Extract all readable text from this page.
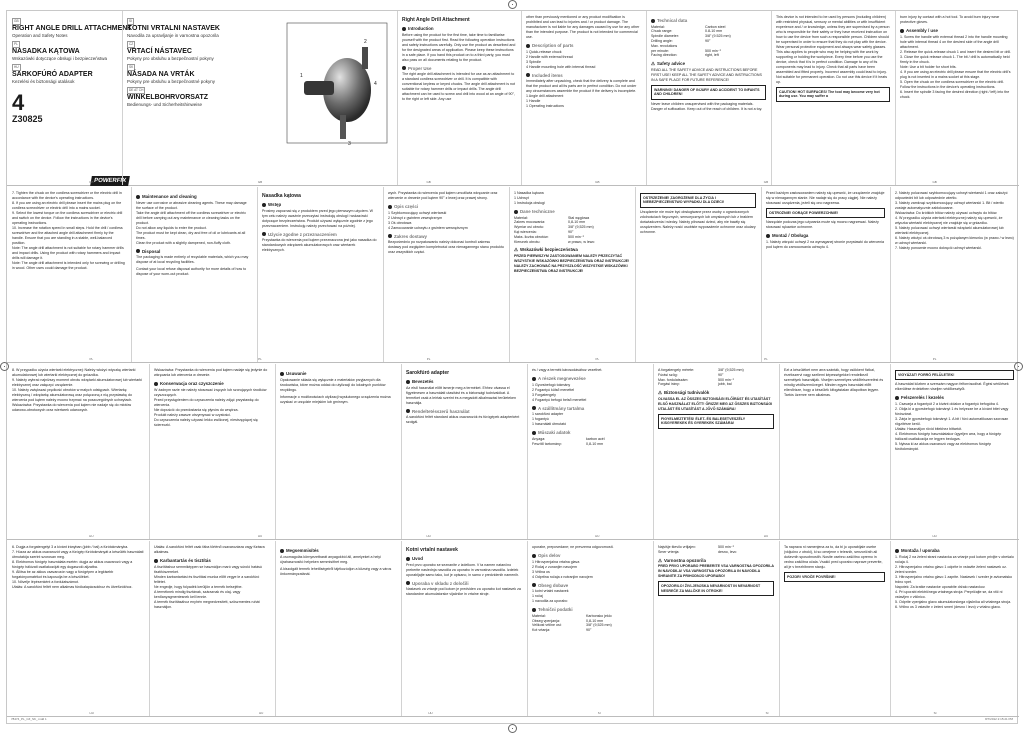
GB
RIGHT ANGLE DRILL ATTACHMENT
Operation and Safety Notes
PL
NASADKA KĄTOWA
Wskazówki dotyczące obsługi i bezpieczeństwa
HU
SARKOFÚRÓ ADAPTER
Kezelési és biztonsági utalások
4
Z30825
POWERFIX
SI
KOTNI VRTALNI NASTAVEK
Navodila za upravljanje in varnostna opozorila
CZ
VRTACÍ NÁSTAVEC
Pokyny pro obsluhu a bezpečnostní pokyny
SK
NÁSADA NA VRTÁK
Pokyny pre obsluhu a bezpečnostné pokyny
DE AT CH
WINKELBOHRVORSATZ
Bedienungs- und Sicherheitshinweise
1
2
3
4
Right Angle Drill Attachment
Introduction
Before using the product for the first time, take time to familiarise yourself with the product first. Read the following operation instructions and safety instructions carefully. Only use the product as described and for the designated areas of application. Please keep these instructions in a safe place. If you hand this product on to a third party, you must also pass on all documents relating to the product.
Proper Use
The right angle drill attachment is intended for use as an attachment to a standard cordless screwdriver or drill. It is compatible with conventional keyless or keyed chucks. The angle drill attachment is not suitable for rotary hammer drills or impact drills. The angle drill attachment can be used to screw and drill into wood at an angle of 90°, to the right or left side. Any use
other than previously mentioned or any product modification is prohibited and can lead to injuries and / or product damage. The manufacturer is not liable for any damages caused by use for any other than the intended purpose. The product is not intended for commercial use.
Description of parts
1 Quick-release chuck
2 Handle with external thread
3 Spindle
4 Handle mounting hole with internal thread
Included items
Immediately after unpacking, check that the delivery is complete and that the product and all its parts are in perfect condition. Do not under any circumstances assemble the product if the delivery is incomplete.
1 Angle drill attachment
1 Handle
1 Operating instructions
Technical data
Material:	Carbon steel
Chuck range:	0.8-10 mm
Spindle diameter:	3/8" (9.525 mm)
Drilling angle:	90°
Max. revolutions	
per minute:	500 min⁻¹
Facing direction:	right, left
⚠ Safety advice
READ ALL THE SAFETY ADVICE AND INSTRUCTIONS BEFORE FIRST USE! KEEP ALL THE SAFETY ADVICE AND INSTRUCTIONS IN A SAFE PLACE FOR FUTURE REFERENCE!
WARNING! DANGER OF INJURY AND ACCIDENT TO INFANTS AND CHILDREN!
Never leave children unsupervised with the packaging materials. Danger of suffocation. Keep out of the reach of children. It is not a toy.
This device is not intended to be used by persons (including children) with restricted physical, sensory or mental abilities or with insufficient experience and / or knowledge, unless they are supervised by a person who is responsible for their safety or they have received instruction on how to use the device from such a responsible person. Children should be supervised in order to ensure that they do not play with the device. Wear personal protective equipment and always wear safety glasses. This also applies to people who may be helping with the work by supporting or holding the workpiece. Every time before you use the device, check that it is in perfect condition. Damage to any of its components may lead to injury. Check that all parts have been assembled and fitted properly. Incorrect assembly could lead to injury. Not suitable for permanent operation. Do not use this device if it heats up.
CAUTION! HOT SURFACES! The tool may become very hot during use. You may suffer a
burn injury by contact with a hot tool. To avoid burn injury wear protective gloves.
Assembly / use
1. Screw the handle with external thread 2 into the handle mounting hole with internal thread 4 on the desired side of the angle drill attachment.
2. Release the quick-release chuck 1 and insert the desired bit or drill.
3. Close the quick release chuck 1. The bit / drill is automatically held firmly in the chuck.
Note: Use a bit holder for short bits.
4. If you are using an electric drill please ensure that the electric drill's plug is not inserted in a mains socket at this stage.
5. Open the chuck on the cordless screwdriver or the electric drill. Follow the instructions in the device's operating instructions.
6. Insert the spindle 3 facing the desired direction (right / left) into the chuck.
GB	GB	GB	GB	GB	GB
7. Tighten the chuck on the cordless screwdriver or the electric drill in accordance with the device's operating instructions.
8. If you are using an electric drill please insert the mains plug on the cordless screwdriver or electric drill into a mains socket.
9. Select the lowest torque on the cordless screwdriver or electric drill and switch on the device. Follow the instructions in the device's operating instructions.
10. Increase the rotation speed in small steps. Hold the drill / cordless screwdriver and the attached angle drill attachment firmly by the handle. Ensure that you are standing in a stable, well-balanced position.
Note: The angle drill attachment is not suitable for rotary hammer drills and impact drills. Using the product with rotary hammers and impact drills will damage it.
Note: The angle drill attachment is intended only for screwing or drilling in wood. Other uses could damage the product.
Maintenance and cleaning
Never use corrosive or abrasive cleaning agents. These may damage the surface of the product.
Take the angle drill attachment off the cordless screwdriver or electric drill before carrying out any maintenance or cleaning tasks on the product.
Do not allow any liquids to enter the product.
The product must be kept clean, dry and free of oil or lubricants at all times.
Clean the product with a slightly dampened, non-fluffy cloth.
Disposal
The packaging is made entirely of recyclable materials, which you may dispose of at local recycling facilities.
Contact your local refuse disposal authority for more details of how to dispose of your worn-out product.
Nasadka kątowa
Wstęp
Prosimy zapoznać się z produktem przed jego pierwszym użyciem. W tym celu należy uważnie przeczytać instrukcję obsługi i wskazówki dotyczące bezpieczeństwa. Produkt używać wyłącznie zgodnie z jego przeznaczeniem. Instrukcję należy przechować na później.
Użycie zgodne z przeznaczeniem
Przystawka do wiercenia pod kątem przeznaczona jest jako nasadka do standardowych wkrętarek akumulatorowych oraz wiertarek elektrycznych.
wych. Przystawka do wiercenia pod kątem umożliwia wkręcanie oraz wiercenie w drewnie pod kątem 90° z lewej oraz prawej strony.
Opis części
1 Szybkomocujący uchwyt wiertarski
2 Uchwyt z gwintem zewnętrznym
3 Oś obrotowa
4 Zamocowanie uchwytu z gwintem wewnętrznym
Zakres dostawy
Bezpośrednio po rozpakowaniu należy dokonać kontroli zakresu dostawy pod względem kompletności oraz nienagannego stanu produktu oraz wszystkich części.
1 Nasadka kątowa
1 Uchwyt
1 Instrukcja obsługi
Dane techniczne
Materiał:	Stal węglowa
Zakres mocowania:	0,8-10 mm
Wymiar osi obrotu:	3/8" (9,525 mm)
Kąt wiercenia:	90°
Maks. liczba obrotów:	500 min⁻¹
Kierunek obrotu:	w prawo, w lewo
⚠ Wskazówki bezpieczeństwa
PRZED PIERWSZYM ZASTOSOWANIEM NALEŻY PRZECZYTAĆ WSZYSTKIE WSKAZÓWKI BEZPIECZEŃSTWA ORAZ INSTRUKCJE! NALEŻY ZACHOWAĆ NA PRZYSZŁOŚĆ WSZYSTKIE WSKAZÓWKI BEZPIECZEŃSTWA ORAZ INSTRUKCJE!
OSTRZEŻENIE! ZAGROŻENIE DLA ŻYCIA I NIEBEZPIECZEŃSTWO WYPADKU DLA DZIECI!
Urządzenie nie może być obsługiwane przez osoby o ograniczonych zdolnościach fizycznych, sensorycznych lub umysłowych lub z brakiem doświadczenia i wiedzy. Należy pilnować dzieci, aby nie bawiły się urządzeniem. Należy nosić osobiste wyposażenie ochronne oraz okulary ochronne.
Przed każdym zastosowaniem należy się upewnić, że urządzenie znajduje się w nienagannym stanie. Nie nadaje się do pracy ciągłej. Nie należy stosować urządzenia, jeżeli się ono nagrzewa.
OSTROŻNIE! GORĄCE POWIERZCHNIE!
Narzędzie podczas jego używania może się mocno nagrzewać. Należy stosować rękawice ochronne.
Montaż / Obsługa
1. Należy wkręcić uchwyt 2 na wymaganej stronie przystawki do wiercenia pod kątem do zamocowania uchwytu 4.
2. Należy poluzować szybkomocujący uchwyt wiertarski 1 oraz założyć odpowiedni bit lub odpowiednie wiertło.
3. Należy zamknąć szybkomocujący uchwyt wiertarski 1. Bit / wiertło zostaje automatycznie zablokowane.
Wskazówka: Do krótkich bitów należy używać uchwytu do bitów.
4. W przypadku użycia wiertarki elektrycznej należy się upewnić, że wtyczka wiertarki elektrycznej nie znajduje się w gniazdku.
5. Należy poluzować uchwyt wiertarski wkrętarki akumulatorowej lub wiertarki elektrycznej.
6. Należy włożyć oś obrotową 3 w pożądanym kierunku (w prawo / w lewo) w uchwyt wiertarski.
7. Należy ponownie mocno dokręcić uchwyt wiertarski.
PL	PL	PL	PL	PL	PL
8. W przypadku użycia wiertarki elektrycznej: Należy włożyć wtyczkę wiertarki akumulatorowej lub wiertarki elektrycznej do gniazdka.
9. Należy wybrać najniższy moment obrotu wkrętarki akumulatorowej lub wiertarki elektrycznej oraz załączyć urządzenie.
10. Należy zwiększać prędkość obrotów w małych odstępach. Wiertarkę elektryczną / wkrętarkę akumulatorową oraz połączoną z nią przystawkę do wiercenia pod kątem należy mocno trzymać na poszczególnych uchwytach.
Wskazówka: Przystawka do wiercenia pod kątem nie nadaje się do młotów udarowo-obrotowych oraz wiertarek udarowych.
Wskazówka: Przystawka do wiercenia pod kątem nadaje się jedynie do wkręcania lub wiercenia w drewnie.
Konserwacja oraz czyszczenie
W żadnym razie nie należy stosować żrących lub szorujących środków czyszczących.
Przed przystąpieniem do czyszczenia należy zdjąć przystawkę do wiercenia.
Nie dopuścić do przedostania się płynów do wnętrza.
Produkt należy zawsze utrzymywać w czystości.
Do czyszczenia należy używać lekko zwilżonej, niestrzępiącej się ściereczki.
Usuwanie
Opakowanie składa się wyłącznie z materiałów przyjaznych dla środowiska, które można oddać do utylizacji do lokalnych punktów recyklingu.
Informacje o możliwościach utylizacji wysłużonego urządzenia można uzyskać w urzędzie miejskim lub gminnym.
Sarokfúró adapter
Bevezetés
Az első használat előtt ismerje meg a terméket. Ehhez olvassa el figyelmesen a használati utasítást és a biztonsági tudnivalókat. A terméket csak a leírtak szerint és a megadott alkalmazási területeken használja.
Rendeltetésszerű használat
A sarokfúró feltét standard akkus csavarozók és fúrógépek adapterként szolgál.
és / vagy a termék károsodásához vezethet.
A részek megnevezése
1 Gyorsbefogó tokmány
2 Fogantyú külső menettel
3 Forgatengely
4 Fogantyú befogó belső menettel
A szállítmány tartalma
1 sarokfúró adapter
1 fogantyú
1 használati útmutató
Műszaki adatok
Anyaga:	karbon acél
Feszítő tartomány:	0,8-10 mm
A forgatengely mérete:	3/8" (9,525 mm)
Fúrási szög:	90°
Max. fordulatszám:	500 min⁻¹
Forgási irány:	jobb, bal
⚠ Biztonsági tudnivalók
OLVASSA EL AZ ÖSSZES BIZTONSÁGI ELŐÍRÁST ÉS UTASÍTÁST ELSŐ HASZNÁLAT ELŐTT! ŐRIZZE MEG AZ ÖSSZES BIZTONSÁGI UTALÁST ÉS UTASÍTÁST A JÖVŐ SZÁMÁRA!
FIGYELMEZTETÉS! ÉLET- ÉS BALESETVESZÉLY KISGYEREKEK ÉS GYEREKEK SZÁMÁRA!
Ezt a készüléket nem arra szánták, hogy csökkent fizikai, érzékszervi vagy szellemi képességekkel rendelkező személyek használják. Viseljen személyes védőfelszerelést és mindig védőszemüveget. Minden egyes használat előtt ellenőrizze, hogy a készülék kifogástalan állapotban legyen. Tartós üzemre nem alkalmas.
VIGYÁZAT! FORRÓ FELÜLETEK!
A használat közben a szerszám nagyon felforrósodhat. Égési sérülések elkerülése érdekében viseljen védőkesztyűt.
Felszerelés / kezelés
1. Csavarja a fogantyút 2 a kívánt oldalon a fogantyú befogóba 4.
2. Oldja ki a gyorsbefogó tokmányt 1 és helyezze be a kívánt bitet vagy fúrószárat.
3. Zárja le gyorsbefogó tokmányt 1. A bit / fúró automatikusan szorosan rögzítésre kerül.
Utalás: Használjon rövid bitekhez bittartót.
4. Elektromos fúrógép használatakor ügyeljen arra, hogy a fúrógép hálózati csatlakozója ne legyen bedugva.
5. Nyissa ki az akkus csavarozó vagy az elektromos fúrógép fúrótokmányát.
HU	HU	HU	HU	HU	HU
6. Dugja a forgatengelyt 3 a kívánt irányban (jobb / bal) a fúrótokmányba.
7. Húzza az akkus csavarozót vagy a fúrógép fúrótokmányát a készülék használati útmutatója szerint szorosan meg.
8. Elektromos fúrógép használata esetén: dugja az akkus csavarozó vagy a fúrógép hálózati csatlakozóját egy dugaszoló aljzatba.
9. Állítsa be az akkus csavarozón vagy a fúrógépen a legkisebb forgatónyomatékot és kapcsolja be a készüléket.
10. Növelje lépésenként a fordulatszámot.
Utalás: A sarokfúró feltét nem alkalmas fúrókalapácsokhoz és ütvefúrókhoz.
Utalás: A sarokfúró feltét csak fába történő csavarozásra vagy fúrásra alkalmas.
Karbantartás és tisztítás
A tisztításhoz semmiképpen se használjon maró vagy súroló hatású tisztítószereket.
Minden karbantartási és tisztítási munka előtt vegye le a sarokfúró feltétet.
Ne engedje, hogy folyadék kerüljön a termék belsejébe.
A terméknek mindig tisztának, száraznak és olaj- vagy kenőanyagmentesnek kell lennie.
A termék tisztításához enyhén megnedvesített, szöszmentes ruhát használjon.
Megsemmisítés
A csomagolás környezetbarát anyagokból áll, amelyeket a helyi újrahasznosító helyeken semmisíthet meg.
A kiszolgált termék lehetőségeiről tájékozódjon a község vagy a város önkormányzatánál.
Kotni vrtalni nastavek
Uvod
Pred prvo uporabo se seznanite z izdelkom. V ta namen natančno preberite naslednja navodila za uporabo in varnostna navodila. Izdelek uporabljajte samo tako, kot je opisano, in samo v predvidenih namenih.
Uporaba v skladu z določili
Nastavek za vrtanje pod kotom je predviden za uporabo kot nastavek za standardne akumulatorske vijačnike in vrtalne stroje.
uporabe, prepovedane; ne prevzema odgovornosti.
Opis delov
1 Hitrovpenjalna vrtalna glava
2 Ročaj z zunanjim navojem
3 Vrtilna os
4 Odprtina ročaja z notranjim navojem
Obseg dobave
1 kotni vrtalni nastavek
1 ročaj
1 navodila za uporabo
Tehnični podatki
Material:	Karbonsko jeklo
Obseg vpenjanja:	0,8-10 mm
Velikost vrtilne osi:	3/8" (9,525 mm)
Kot vrtanja:	90°
Najvišje število vrtljajev:	500 min⁻¹
Smer vrtenja:	desno, levo
⚠ Varnostna opozorila
PRED PRVO UPORABO PREBERITE VSA VARNOSTNA OPOZORILA IN NAVODILA! VSA VARNOSTNA OPOZORILA IN NAVODILA SHRANITE ZA PRIHODNJO UPORABO!
OPOZORILO! ŽIVLJENJSKA NEVARNOST IN NEVARNOST NESREČE ZA MALČKE IN OTROKE!
Ta naprava ni namenjena za to, da bi jo uporabljale osebe (vključno z otroki), ki so omejene v telesnih, senzoričnih ali duševnih sposobnostih. Nosite osebno zaščitno opremo in vedno zaščitna očala. Vsakič pred uporabo naprave preverite, ali je v brezhibnem stanju.
POZOR! VROČE POVRŠINE!
Montaža / uporaba
1. Ročaj 2 na želeni strani nastavka za vrtanje pod kotom privijte v obešalo ročaja 4.
2. Hitrovpenjalno vrtalno glavo 1 odprite in vstavite želeni nastavek oz. želeni sveder.
3. Hitrovpenjalno vrtalno glavo 1 zaprite. Nastavek / sveder je avtomatsko trdno vpet.
Napotek: Za kratke nastavke uporabite držalo nastavkov.
4. Pri uporabi električnega vrtalnega stroja: Prepričajte se, da vtič ni vstavljen v vtičnico.
5. Odprite vpenjalno glavo akumulatorskega vijačnika ali vrtalnega stroja.
6. Vrtilno os 3 vstavite v želeni smeri (desno / levo) v vrtalno glavo.
HU	HU	HU	SI	SI	SI
78474_PL_CZ_SK_.indd 1	8/7/2012 2:15:21 PM
